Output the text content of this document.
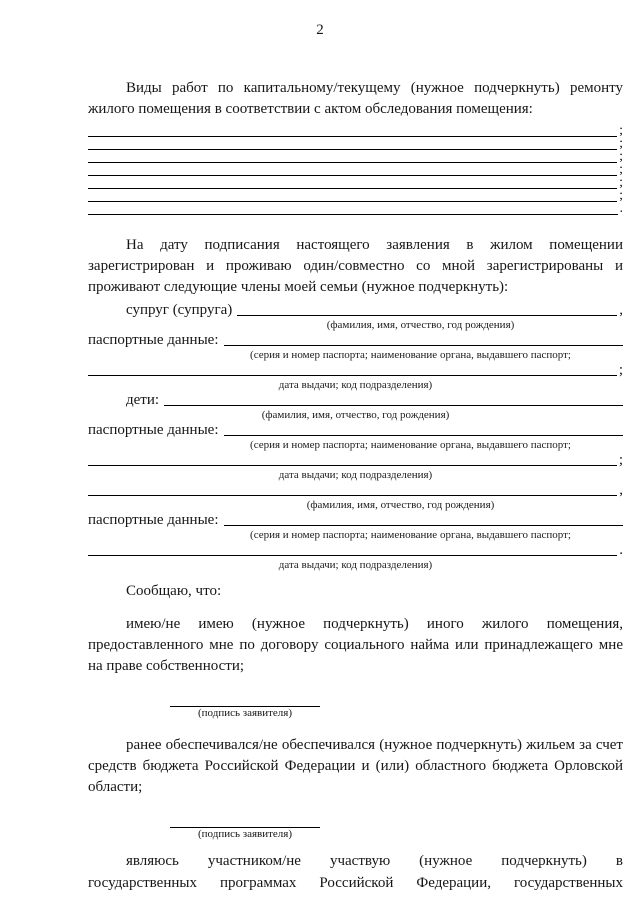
2

Виды работ по капитальному/текущему (нужное подчеркнуть) ремонту жилого помещения в соответствии с актом обследования помещения:

;
;
;
;
;
;
.

На дату подписания настоящего заявления в жилом помещении зарегистрирован и проживаю один/совместно со мной зарегистрированы и проживают следующие члены моей семьи (нужное подчеркнуть):

супруг (супруга)	,
(фамилия, имя, отчество, год рождения)
паспортные данные:
(серия и номер паспорта; наименование органа, выдавшего паспорт;
;
дата выдачи; код подразделения)
дети:
(фамилия, имя, отчество, год рождения)
паспортные данные:
(серия и номер паспорта; наименование органа, выдавшего паспорт;
;
дата выдачи; код подразделения)
,
(фамилия, имя, отчество, год рождения)
паспортные данные:
(серия и номер паспорта; наименование органа, выдавшего паспорт;
.
дата выдачи; код подразделения)
Сообщаю, что:

имею/не имею (нужное подчеркнуть) иного жилого помещения, предоставленного мне по договору социального найма или принадлежащего мне на праве собственности;

(подпись заявителя)

ранее обеспечивался/не обеспечивался (нужное подчеркнуть) жильем за счет средств бюджета Российской Федерации и (или) областного бюджета Орловской области;

(подпись заявителя)
являюсь участником/не участвую (нужное подчеркнуть) в
государственных программах Российской Федерации, государственных
